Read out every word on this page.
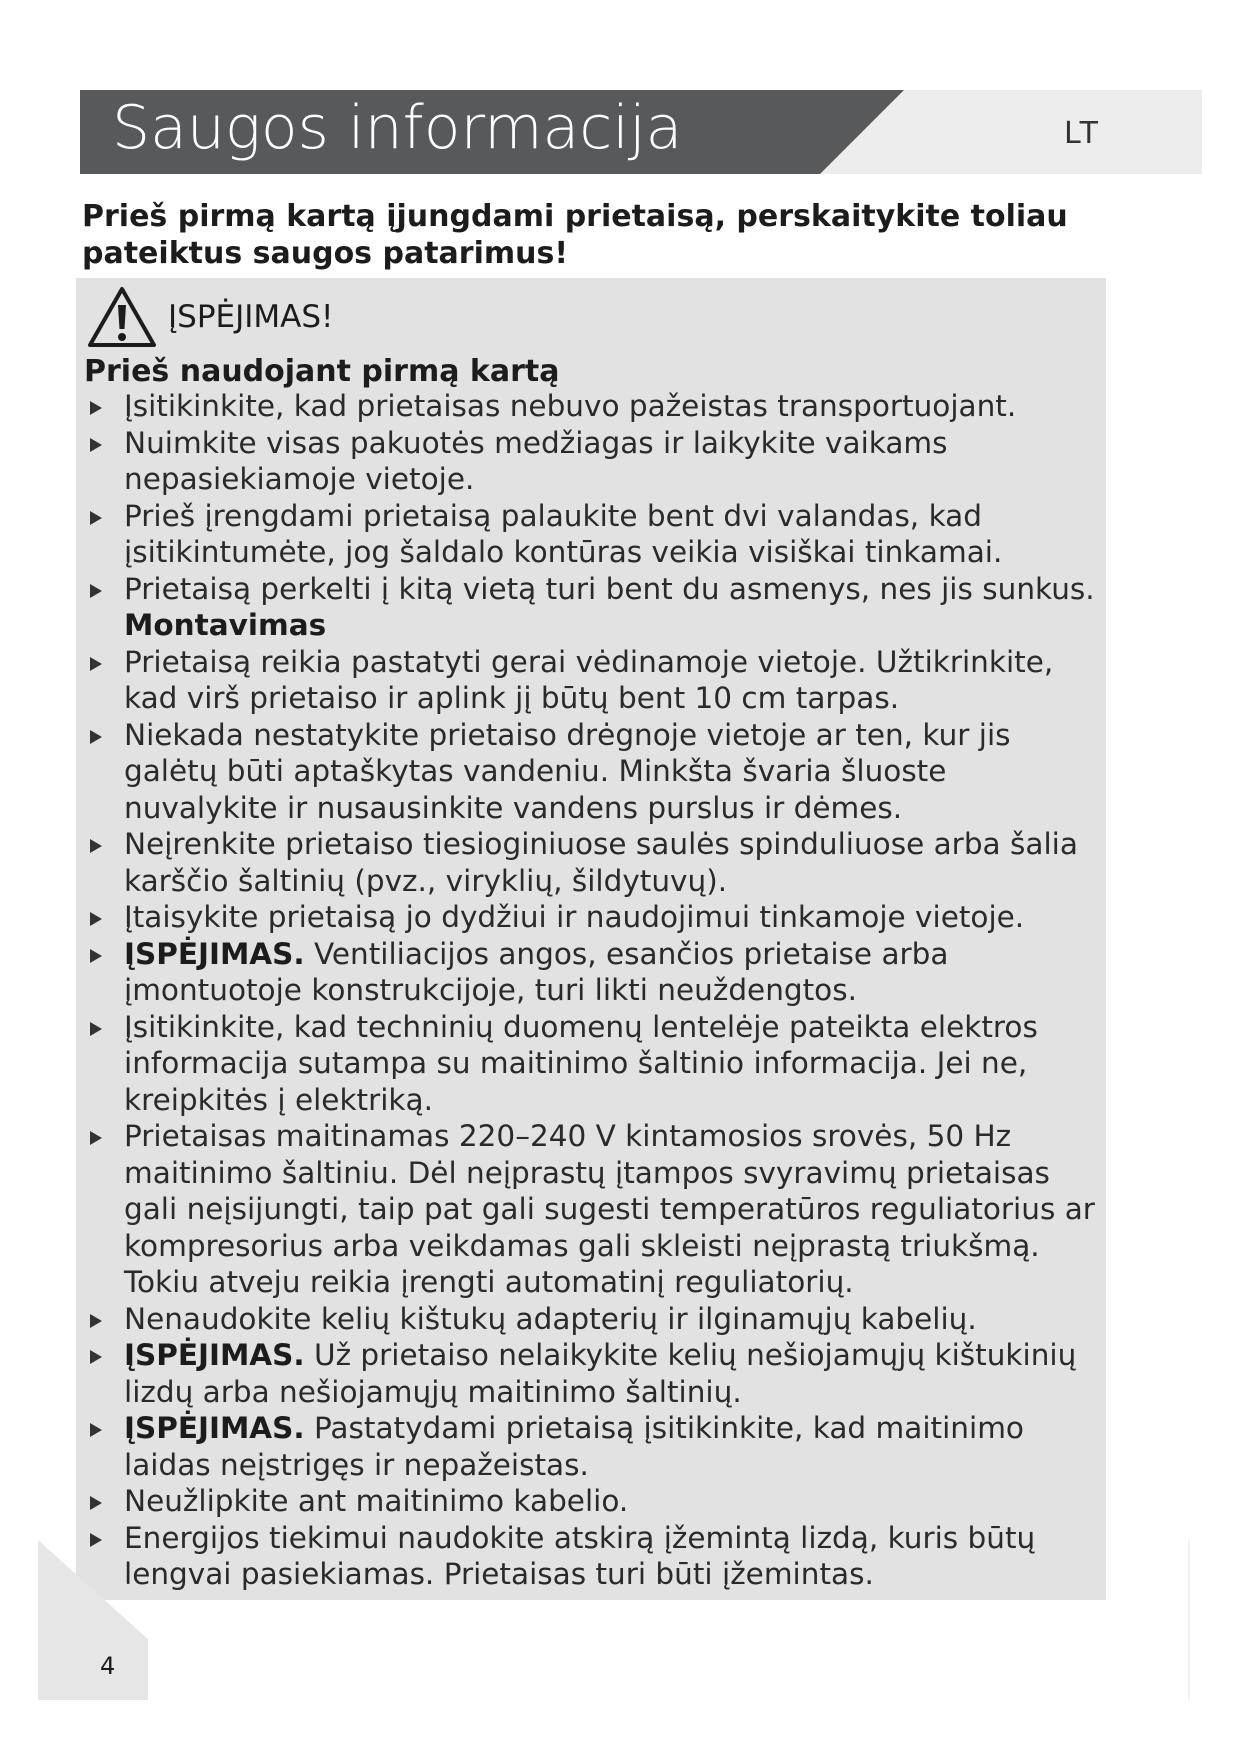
Saugos informacija	LT

Prieš pirmą kartą įjungdami prietaisą, perskaitykite toliau pateiktus saugos patarimus!

ĮSPĖJIMAS!
Prieš naudojant pirmą kartą
Įsitikinkite, kad prietaisas nebuvo pažeistas transportuojant.
Nuimkite visas pakuotės medžiagas ir laikykite vaikams nepasiekiamoje vietoje.
Prieš įrengdami prietaisą palaukite bent dvi valandas, kad įsitikintumėte, jog šaldalo kontūras veikia visiškai tinkamai.
Prietaisą perkelti į kitą vietą turi bent du asmenys, nes jis sunkus.
Montavimas
Prietaisą reikia pastatyti gerai vėdinamoje vietoje. Užtikrinkite, kad virš prietaiso ir aplink jį būtų bent 10 cm tarpas.
Niekada nestatykite prietaiso drėgnoje vietoje ar ten, kur jis galėtų būti aptaškytas vandeniu. Minkšta švaria šluoste nuvalykite ir nusausinkite vandens purslus ir dėmes.
Neįrenkite prietaiso tiesioginiuose saulės spinduliuose arba šalia karščio šaltinių (pvz., viryklių, šildytuvų).
Įtaisykite prietaisą jo dydžiui ir naudojimui tinkamoje vietoje.
ĮSPĖJIMAS. Ventiliacijos angos, esančios prietaise arba įmontuotoje konstrukcijoje, turi likti neuždengtos.
Įsitikinkite, kad techninių duomenų lentelėje pateikta elektros informacija sutampa su maitinimo šaltinio informacija. Jei ne, kreipkitės į elektriką.
Prietaisas maitinamas 220–240 V kintamosios srovės, 50 Hz maitinimo šaltiniu. Dėl neįprastų įtampos svyravimų prietaisas gali neįsijungti, taip pat gali sugesti temperatūros reguliatorius ar kompresorius arba veikdamas gali skleisti neįprastą triukšmą. Tokiu atveju reikia įrengti automatinį reguliatorių.
Nenaudokite kelių kištukų adapterių ir ilginamųjų kabelių.
ĮSPĖJIMAS. Už prietaiso nelaikykite kelių nešiojamųjų kištukinių lizdų arba nešiojamųjų maitinimo šaltinių.
ĮSPĖJIMAS. Pastatydami prietaisą įsitikinkite, kad maitinimo laidas neįstrigęs ir nepažeistas.
Neužlipkite ant maitinimo kabelio.
Energijos tiekimui naudokite atskirą įžemintą lizdą, kuris būtų lengvai pasiekiamas. Prietaisas turi būti įžemintas.
4
